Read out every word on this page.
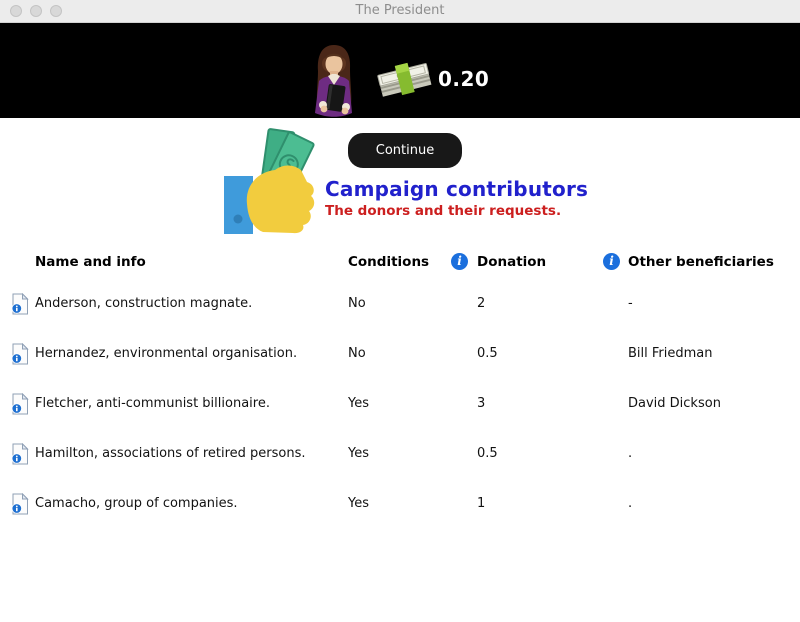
The President
0.20
Continue
Campaign contributors
The donors and their requests.
Name and info	Conditions i	Donation i	Other beneficiaries
Anderson, construction magnate.	No	2	-
Hernandez, environmental organisation.	No	0.5	Bill Friedman
Fletcher, anti-communist billionaire.	Yes	3	David Dickson
Hamilton, associations of retired persons.	Yes	0.5	.
Camacho, group of companies.	Yes	1	.
